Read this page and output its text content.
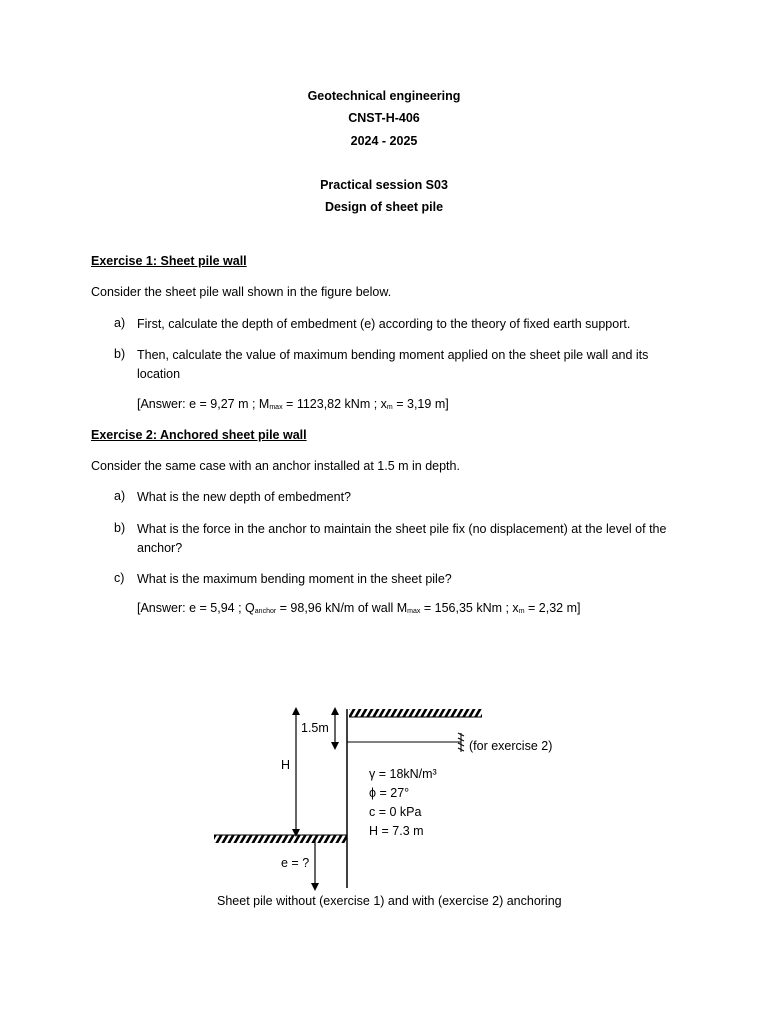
Geotechnical engineering
CNST-H-406
2024 - 2025
Practical session S03
Design of sheet pile
Exercise 1: Sheet pile wall
Consider the sheet pile wall shown in the figure below.
a) First, calculate the depth of embedment (e) according to the theory of fixed earth support.
b) Then, calculate the value of maximum bending moment applied on the sheet pile wall and its location
[Answer: e = 9,27 m ; $M_{max} = 1123,82$ kNm ; $x_m = 3,19$ m]
Exercise 2: Anchored sheet pile wall
Consider the same case with an anchor installed at 1.5 m in depth.
a) What is the new depth of embedment?
b) What is the force in the anchor to maintain the sheet pile fix (no displacement) at the level of the anchor?
c) What is the maximum bending moment in the sheet pile?
[Answer: e = 5,94 ; $Q_{anchor} = 98,96$ kN/m of wall $M_{max} = 156,35$ kNm ; $x_m = 2,32$ m]
1.5m
(for exercise 2)
H
γ = 18kN/m³
ϕ = 27°
c = 0 kPa
H = 7.3 m
e = ?
Sheet pile without (exercise 1) and with (exercise 2) anchoring
